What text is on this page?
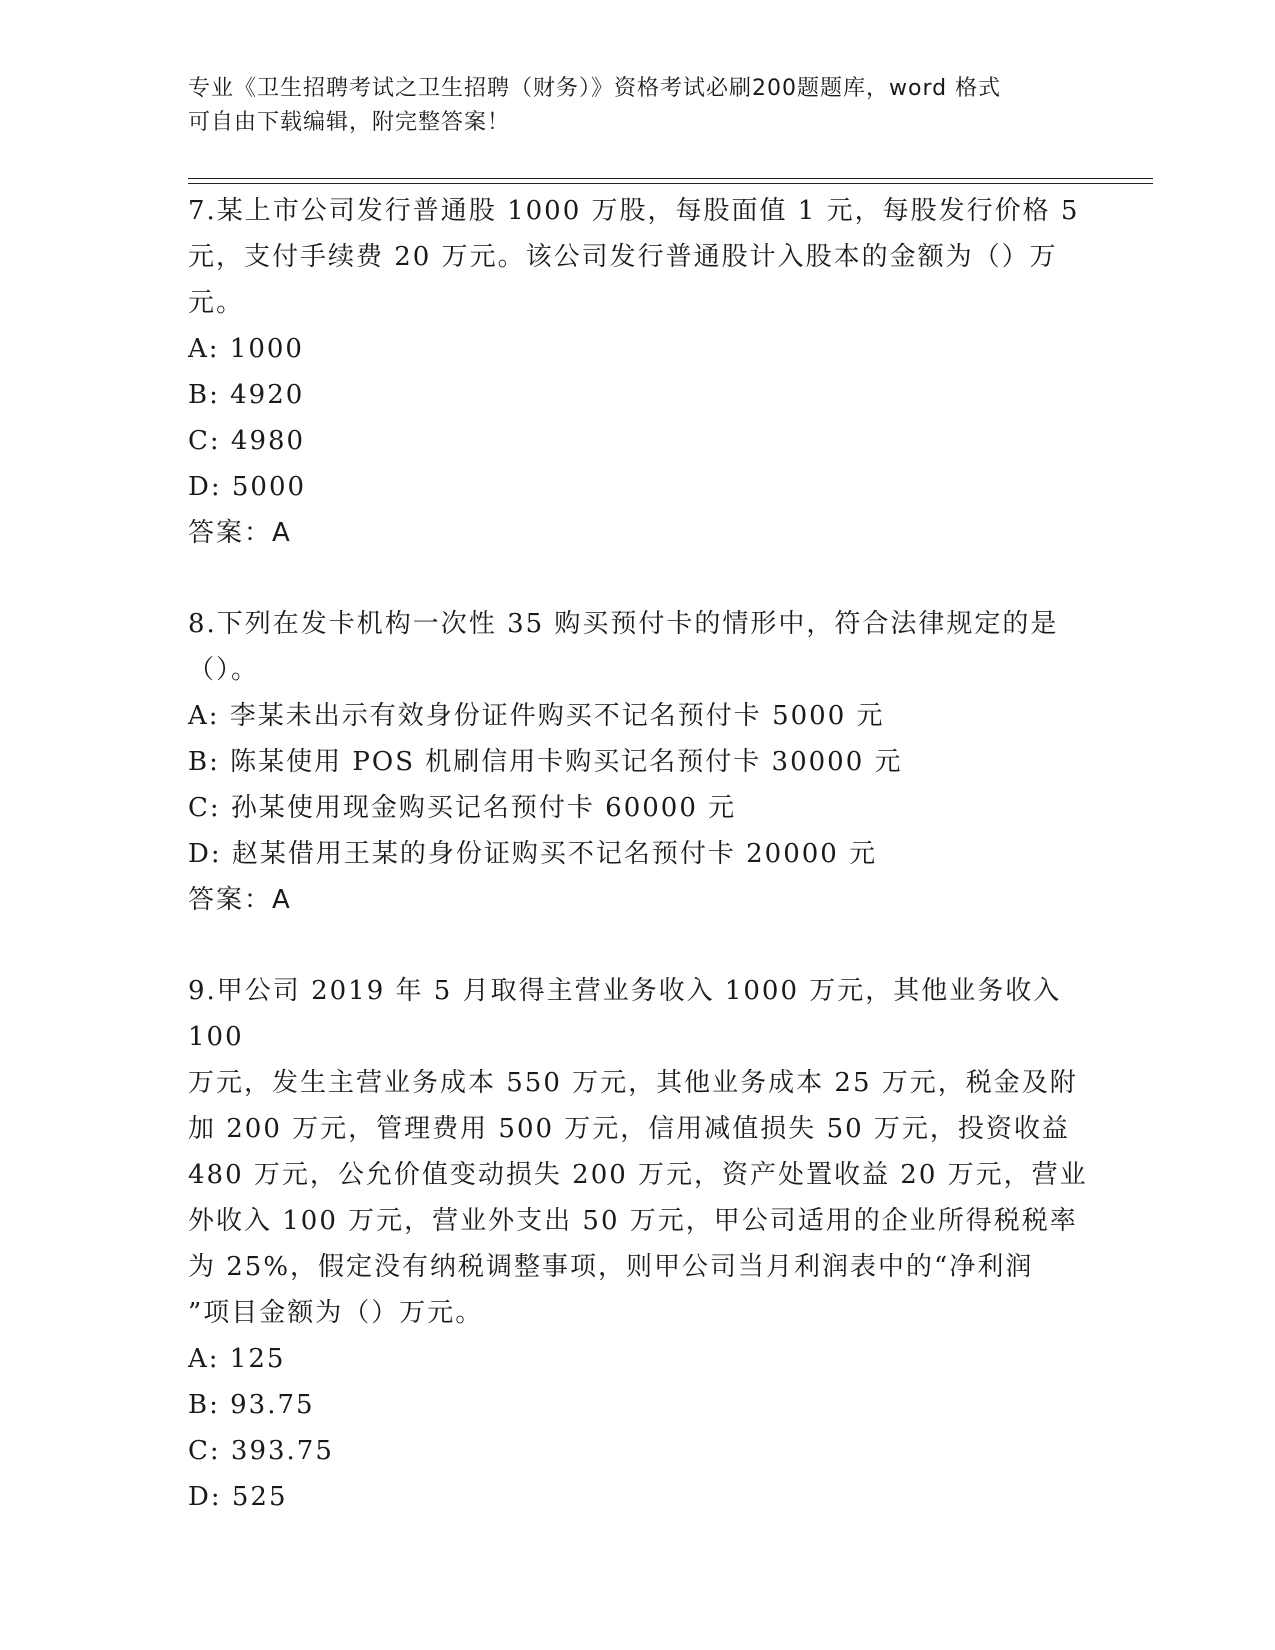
专业《卫生招聘考试之卫生招聘（财务）》资格考试必刷200题题库，word 格式
可自由下载编辑，附完整答案！

7.某上市公司发行普通股 1000 万股，每股面值 1 元，每股发行价格 5

元，支付手续费 20 万元。该公司发行普通股计入股本的金额为（）万

元。

A: 1000

B: 4920

C: 4980

D: 5000

答案：A

8.下列在发卡机构一次性 35 购买预付卡的情形中，符合法律规定的是

（）。

A: 李某未出示有效身份证件购买不记名预付卡 5000 元

B: 陈某使用 POS 机刷信用卡购买记名预付卡 30000 元

C: 孙某使用现金购买记名预付卡 60000 元

D: 赵某借用王某的身份证购买不记名预付卡 20000 元

答案：A

9.甲公司 2019 年 5 月取得主营业务收入 1000 万元，其他业务收入 100

万元，发生主营业务成本 550 万元，其他业务成本 25 万元，税金及附

加 200 万元，管理费用 500 万元，信用减值损失 50 万元，投资收益

480 万元，公允价值变动损失 200 万元，资产处置收益 20 万元，营业

外收入 100 万元，营业外支出 50 万元，甲公司适用的企业所得税税率

为 25%，假定没有纳税调整事项，则甲公司当月利润表中的“净利润

”项目金额为（）万元。

A: 125

B: 93.75

C: 393.75

D: 525
